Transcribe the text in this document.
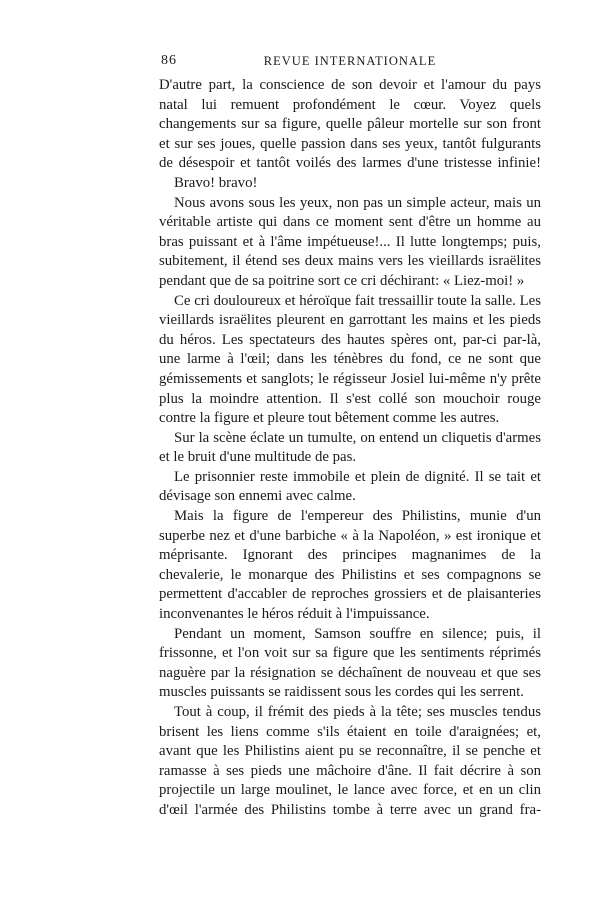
86	REVUE INTERNATIONALE

D'autre part, la conscience de son devoir et l'amour du pays natal lui remuent profondément le cœur. Voyez quels changements sur sa figure, quelle pâleur mortelle sur son front et sur ses joues, quelle passion dans ses yeux, tantôt fulgurants de désespoir et tantôt voilés des larmes d'une tristesse infinie!

Bravo! bravo!

Nous avons sous les yeux, non pas un simple acteur, mais un véritable artiste qui dans ce moment sent d'être un homme au bras puissant et à l'âme impétueuse!... Il lutte longtemps; puis, subitement, il étend ses deux mains vers les vieillards israëlites pendant que de sa poitrine sort ce cri déchirant: « Liez-moi! »

Ce cri douloureux et héroïque fait tressaillir toute la salle. Les vieillards israëlites pleurent en garrottant les mains et les pieds du héros. Les spectateurs des hautes spères ont, par-ci par-là, une larme à l'œil; dans les ténèbres du fond, ce ne sont que gémissements et sanglots; le régisseur Josiel lui-même n'y prête plus la moindre attention. Il s'est collé son mouchoir rouge contre la figure et pleure tout bêtement comme les autres.

Sur la scène éclate un tumulte, on entend un cliquetis d'armes et le bruit d'une multitude de pas.

Le prisonnier reste immobile et plein de dignité. Il se tait et dévisage son ennemi avec calme.

Mais la figure de l'empereur des Philistins, munie d'un superbe nez et d'une barbiche « à la Napoléon, » est ironique et méprisante. Ignorant des principes magnanimes de la chevalerie, le monarque des Philistins et ses compagnons se permettent d'accabler de reproches grossiers et de plaisanteries inconvenantes le héros réduit à l'impuissance.

Pendant un moment, Samson souffre en silence; puis, il frissonne, et l'on voit sur sa figure que les sentiments réprimés naguère par la résignation se déchaînent de nouveau et que ses muscles puissants se raidissent sous les cordes qui les serrent.

Tout à coup, il frémit des pieds à la tête; ses muscles tendus brisent les liens comme s'ils étaient en toile d'araignées; et, avant que les Philistins aient pu se reconnaître, il se penche et ramasse à ses pieds une mâchoire d'âne. Il fait décrire à son projectile un large moulinet, le lance avec force, et en un clin d'œil l'armée des Philistins tombe à terre avec un grand fra-
